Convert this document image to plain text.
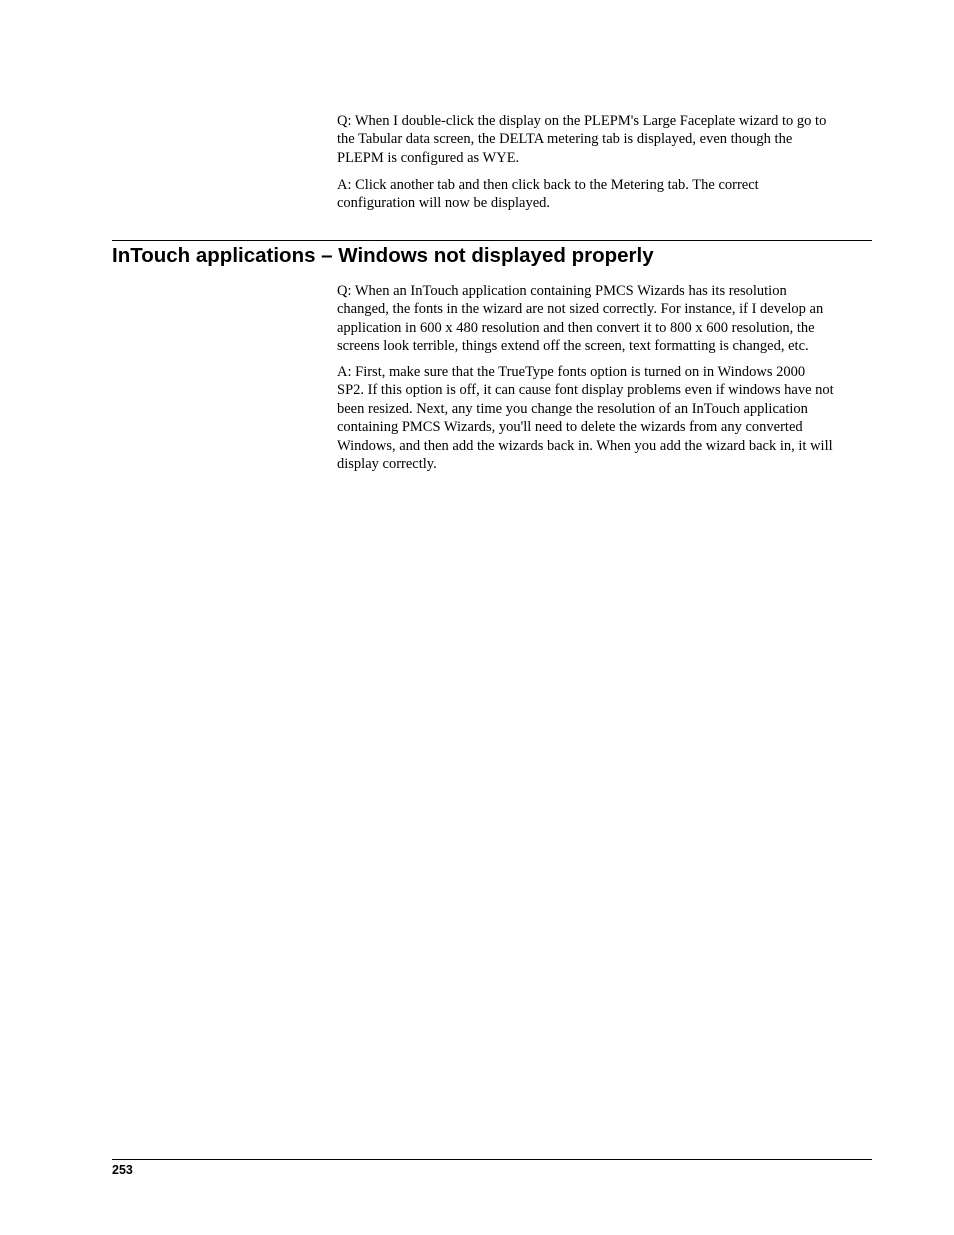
Q: When I double-click the display on the PLEPM's Large Faceplate wizard to go to
the Tabular data screen, the DELTA metering tab is displayed, even though the
PLEPM is configured as WYE.

A: Click another tab and then click back to the Metering tab. The correct
configuration will now be displayed.

InTouch applications – Windows not displayed properly

Q: When an InTouch application containing PMCS Wizards has its resolution
changed, the fonts in the wizard are not sized correctly. For instance, if I develop an
application in 600 x 480 resolution and then convert it to 800 x 600 resolution, the
screens look terrible, things extend off the screen, text formatting is changed, etc.

A: First, make sure that the TrueType fonts option is turned on in Windows 2000
SP2. If this option is off, it can cause font display problems even if windows have not
been resized. Next, any time you change the resolution of an InTouch application
containing PMCS Wizards, you'll need to delete the wizards from any converted
Windows, and then add the wizards back in. When you add the wizard back in, it will
display correctly.

253
